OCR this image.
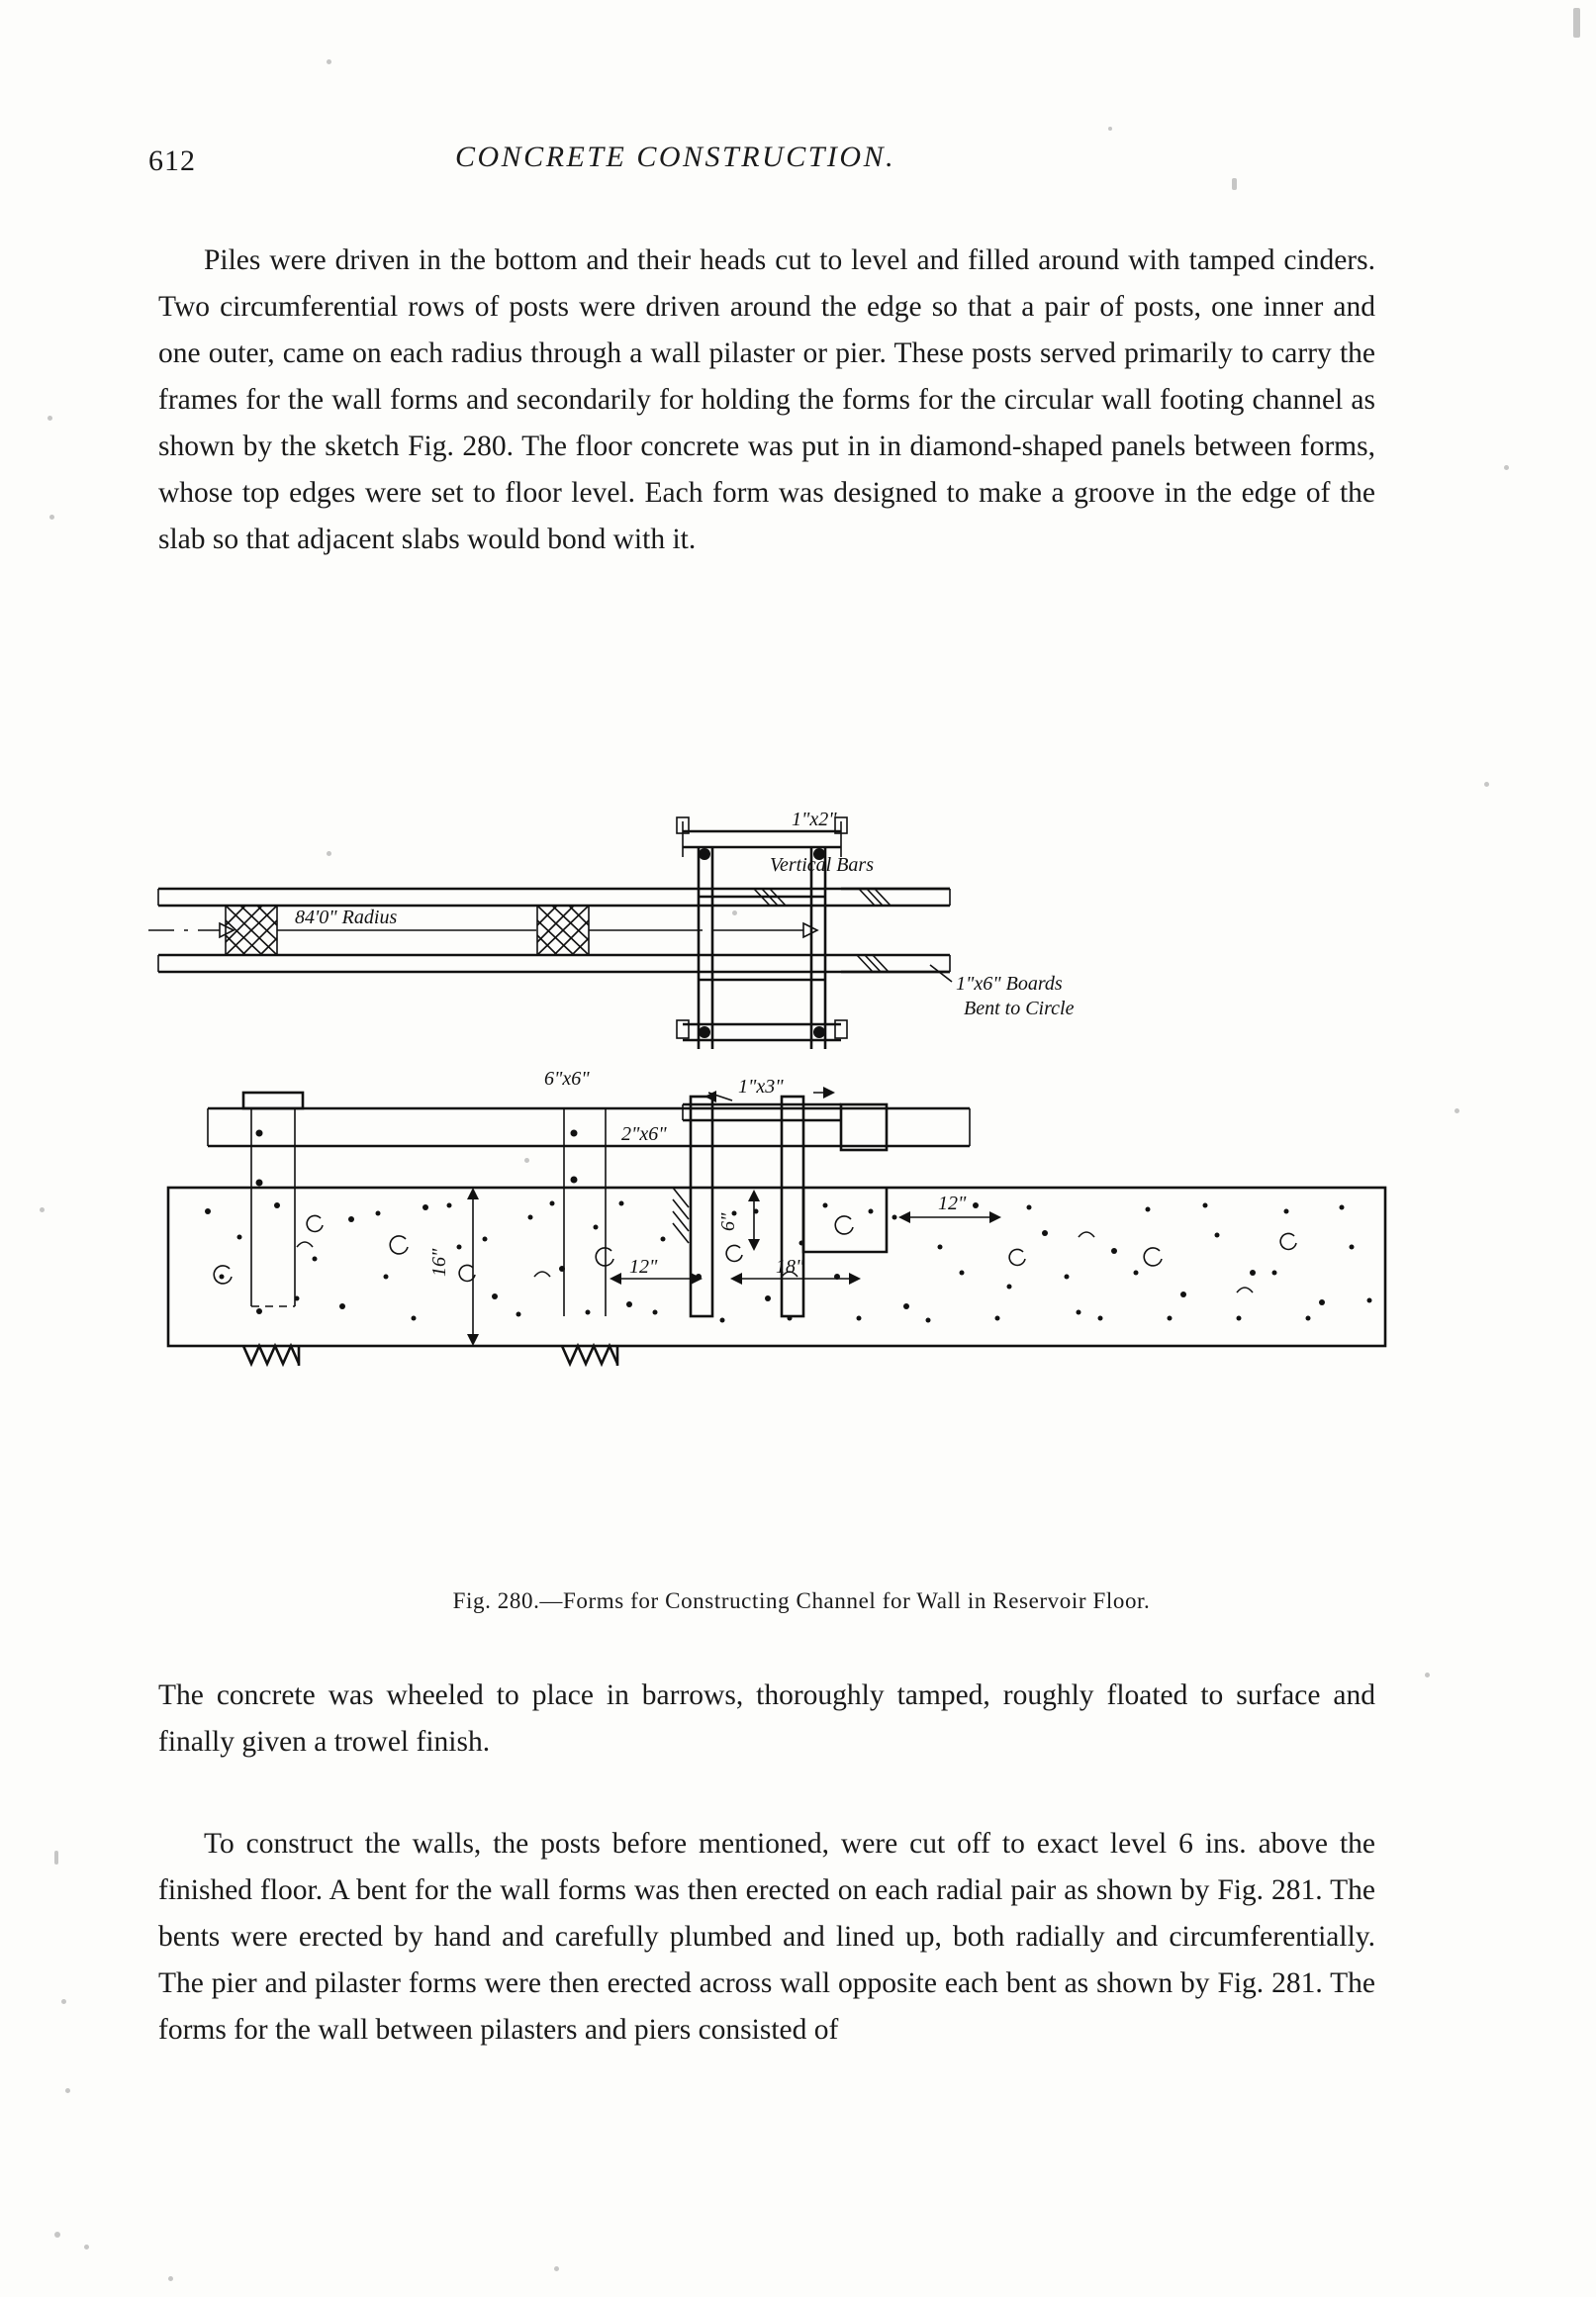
612	CONCRETE CONSTRUCTION.

Piles were driven in the bottom and their heads cut to level and filled around with tamped cinders. Two circumferential rows of posts were driven around the edge so that a pair of posts, one inner and one outer, came on each radius through a wall pilaster or pier. These posts served primarily to carry the frames for the wall forms and secondarily for holding the forms for the circular wall footing channel as shown by the sketch Fig. 280. The floor concrete was put in in diamond-shaped panels between forms, whose top edges were set to floor level. Each form was designed to make a groove in the edge of the slab so that adjacent slabs would bond with it.

1"x2"
Vertical Bars
84'0" Radius
1"x6" Boards
Bent to Circle
6"x6"	1"x3"
2"x6"
16"
6"
12"	18"
12"
Fig. 280.—Forms for Constructing Channel for Wall in Reservoir Floor.

The concrete was wheeled to place in barrows, thoroughly tamped, roughly floated to surface and finally given a trowel finish.

To construct the walls, the posts before mentioned, were cut off to exact level 6 ins. above the finished floor. A bent for the wall forms was then erected on each radial pair as shown by Fig. 281. The bents were erected by hand and carefully plumbed and lined up, both radially and circumferentially. The pier and pilaster forms were then erected across wall opposite each bent as shown by Fig. 281. The forms for the wall between pilasters and piers consisted of
